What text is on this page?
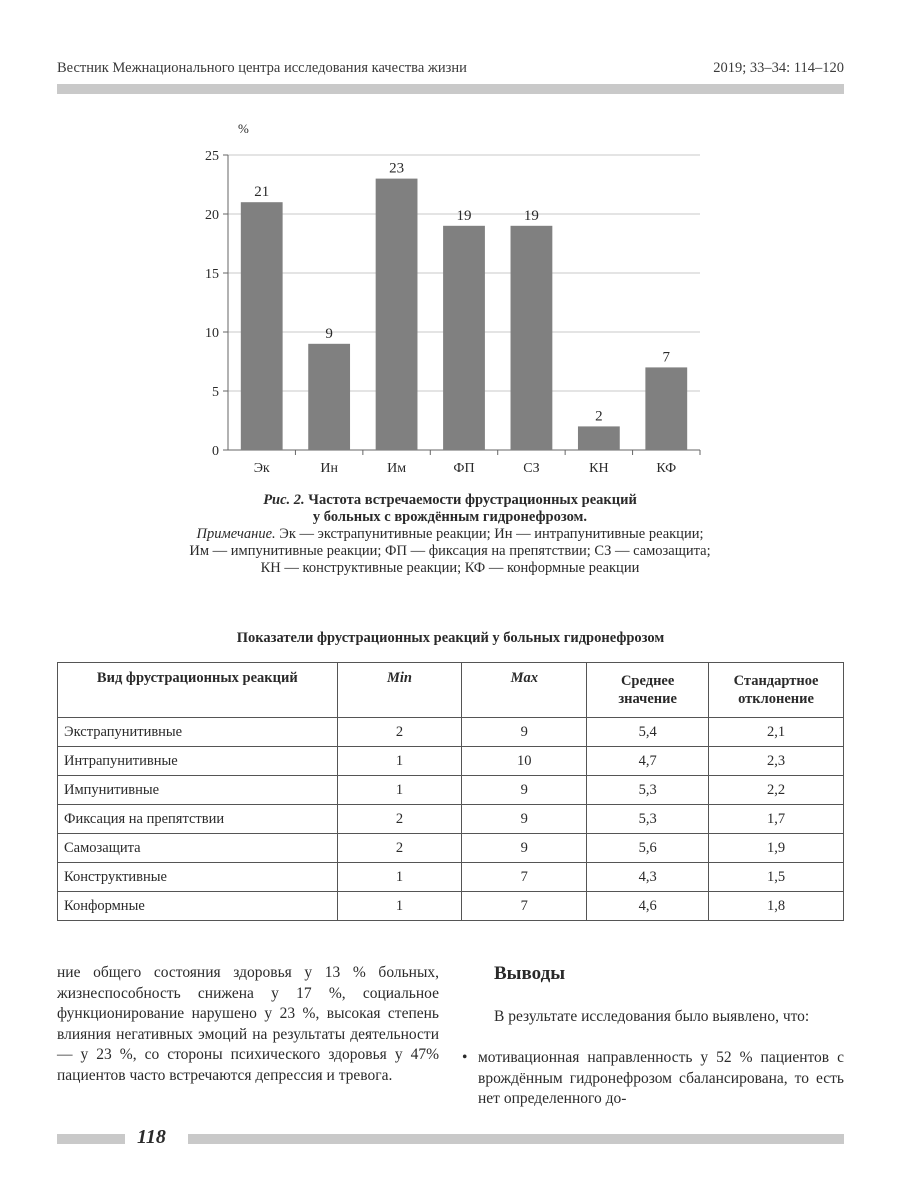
Вестник Межнационального центра исследования качества жизни	2019; 33–34: 114–120
0
5
10
15
20
25
%
21
Эк
9
Ин
23
Им
19
ФП
19
СЗ
2
КН
7
КФ
Рис. 2. Частота встречаемости фрустрационных реакций
у больных с врождённым гидронефрозом.
Примечание. Эк — экстрапунитивные реакции; Ин — интрапунитивные реакции;
Им — импунитивные реакции; ФП — фиксация на препятствии; СЗ — самозащита;
КН — конструктивные реакции; КФ — конформные реакции
Показатели фрустрационных реакций у больных гидронефрозом
Вид фрустрационных реакций	Min	Max	Среднее значение	Стандартное отклонение
Экстрапунитивные	2	9	5,4	2,1
Интрапунитивные	1	10	4,7	2,3
Импунитивные	1	9	5,3	2,2
Фиксация на препятствии	2	9	5,3	1,7
Самозащита	2	9	5,6	1,9
Конструктивные	1	7	4,3	1,5
Конформные	1	7	4,6	1,8
ние общего состояния здоровья у 13 % больных, жизнеспособность снижена у 17 %, социальное функционирование нарушено у 23 %, высокая степень влияния негативных эмоций на результаты деятельности — у 23 %, со стороны психического здоровья у 47% пациентов часто встречаются депрессия и тревога.
Выводы

В результате исследования было выявлено, что:

• мотивационная направленность у 52 % пациентов с врождённым гидронефрозом сбалансирована, то есть нет определенного до-
118
